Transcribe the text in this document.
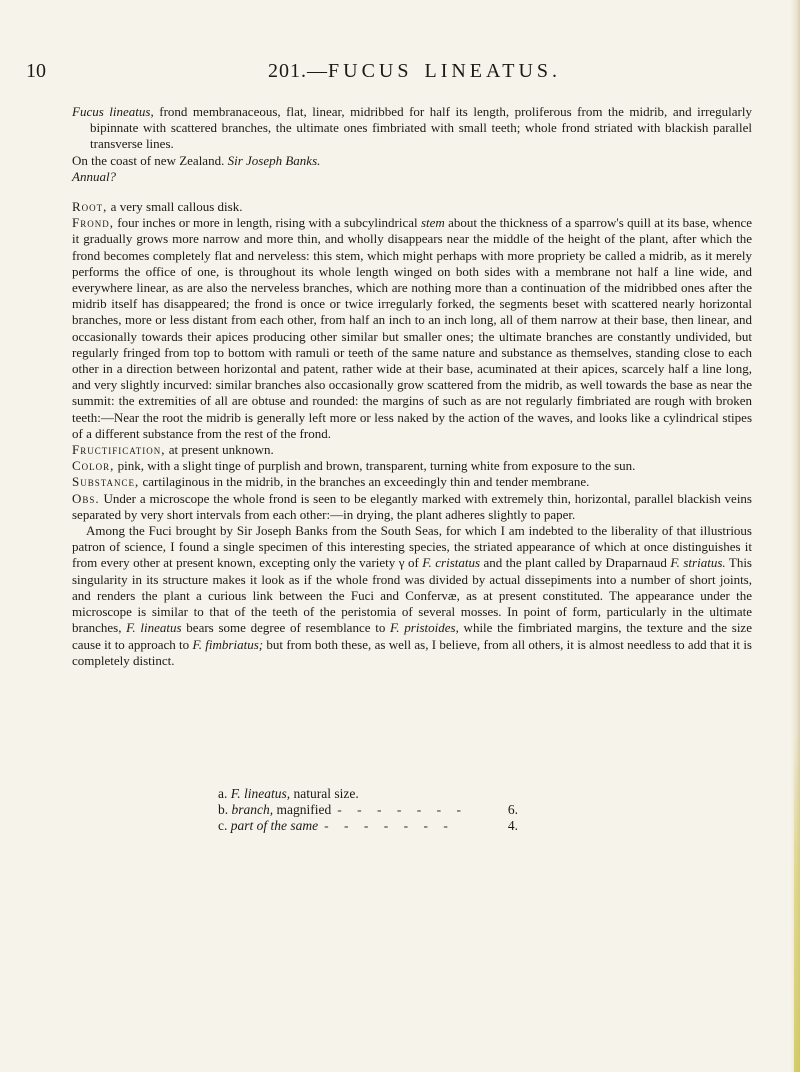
10	201.—FUCUS LINEATUS.

Fucus lineatus, frond membranaceous, flat, linear, midribbed for half its length, proliferous from the midrib, and irregularly bipinnate with scattered branches, the ultimate ones fimbriated with small teeth; whole frond striated with blackish parallel transverse lines.

On the coast of new Zealand. Sir Joseph Banks.

Annual?

Root, a very small callous disk.

Frond, four inches or more in length, rising with a subcylindrical stem about the thickness of a sparrow's quill at its base, whence it gradually grows more narrow and more thin, and wholly disappears near the middle of the height of the plant, after which the frond becomes completely flat and nerveless: this stem, which might perhaps with more propriety be called a midrib, as it merely performs the office of one, is throughout its whole length winged on both sides with a membrane not half a line wide, and everywhere linear, as are also the nerveless branches, which are nothing more than a continuation of the midribbed ones after the midrib itself has disappeared; the frond is once or twice irregularly forked, the segments beset with scattered nearly horizontal branches, more or less distant from each other, from half an inch to an inch long, all of them narrow at their base, then linear, and occasionally towards their apices producing other similar but smaller ones; the ultimate branches are constantly undivided, but regularly fringed from top to bottom with ramuli or teeth of the same nature and substance as themselves, standing close to each other in a direction between horizontal and patent, rather wide at their base, acuminated at their apices, scarcely half a line long, and very slightly incurved: similar branches also occasionally grow scattered from the midrib, as well towards the base as near the summit: the extremities of all are obtuse and rounded: the margins of such as are not regularly fimbriated are rough with broken teeth:—Near the root the midrib is generally left more or less naked by the action of the waves, and looks like a cylindrical stipes of a different substance from the rest of the frond.

Fructification, at present unknown.

Color, pink, with a slight tinge of purplish and brown, transparent, turning white from exposure to the sun.

Substance, cartilaginous in the midrib, in the branches an exceedingly thin and tender membrane.

Obs. Under a microscope the whole frond is seen to be elegantly marked with extremely thin, horizontal, parallel blackish veins separated by very short intervals from each other:—in drying, the plant adheres slightly to paper.

Among the Fuci brought by Sir Joseph Banks from the South Seas, for which I am indebted to the liberality of that illustrious patron of science, I found a single specimen of this interesting species, the striated appearance of which at once distinguishes it from every other at present known, excepting only the variety γ of F. cristatus and the plant called by Draparnaud F. striatus. This singularity in its structure makes it look as if the whole frond was divided by actual dissepiments into a number of short joints, and renders the plant a curious link between the Fuci and Confervæ, as at present constituted. The appearance under the microscope is similar to that of the teeth of the peristomia of several mosses. In point of form, particularly in the ultimate branches, F. lineatus bears some degree of resemblance to F. pristoides, while the fimbriated margins, the texture and the size cause it to approach to F. fimbriatus; but from both these, as well as, I believe, from all others, it is almost needless to add that it is completely distinct.

a. F. lineatus, natural size.
b. branch, magnified - - - - - - -	6.
c. part of the same - - - - - - -	4.
